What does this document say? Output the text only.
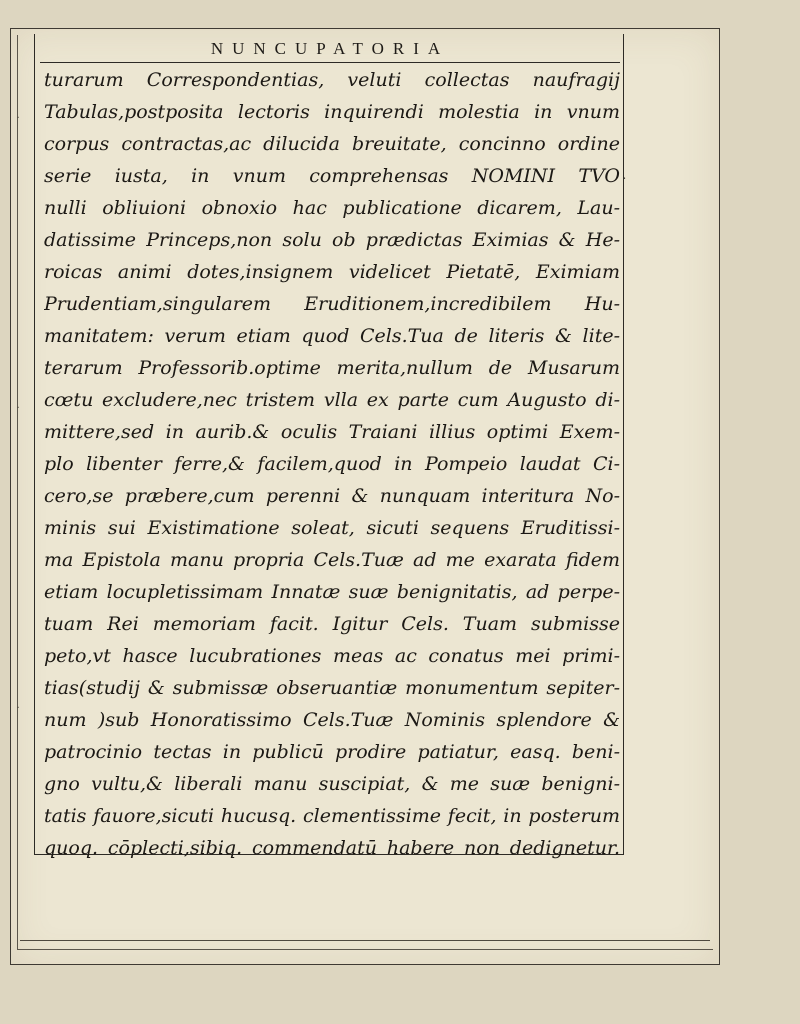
NUNCUPATORIA
turarum Correspondentias, veluti collectas naufragij
Tabulas,postposita lectoris inquirendi molestia in vnum
corpus contractas,ac dilucida breuitate, concinno ordine
serie iusta, in vnum comprehensas NOMINI TVO
nulli obliuioni obnoxio hac publicatione dicarem, Lau-
datissime Princeps,non solu ob prædictas Eximias & He-
roicas animi dotes,insignem videlicet Pietatē, Eximiam
Prudentiam,singularem Eruditionem,incredibilem Hu-
manitatem: verum etiam quod Cels.Tua de literis & lite-
terarum Professorib.optime merita,nullum de Musarum
cœtu excludere,nec tristem vlla ex parte cum Augusto di-
mittere,sed in aurib.& oculis Traiani illius optimi Exem-
plo libenter ferre,& facilem,quod in Pompeio laudat Ci-
cero,se præbere,cum perenni & nunquam interitura No-
minis sui Existimatione soleat, sicuti sequens Eruditissi-
ma Epistola manu propria Cels.Tuæ ad me exarata fidem
etiam locupletissimam Innatæ suæ benignitatis, ad perpe-
tuam Rei memoriam facit. Igitur Cels. Tuam submisse
peto,vt hasce lucubrationes meas ac conatus mei primi-
tias(studij & submissæ obseruantiæ monumentum sepiter-
num )sub Honoratissimo Cels.Tuæ Nominis splendore &
patrocinio tectas in publicū prodire patiatur, easq. beni-
gno vultu,& liberali manu suscipiat, & me suæ benigni-
tatis fauore,sicuti hucusq. clementissime fecit, in posterum
quoq. cōplecti,sibiq. commendatū habere non dedignetur.
·
·
·
·
